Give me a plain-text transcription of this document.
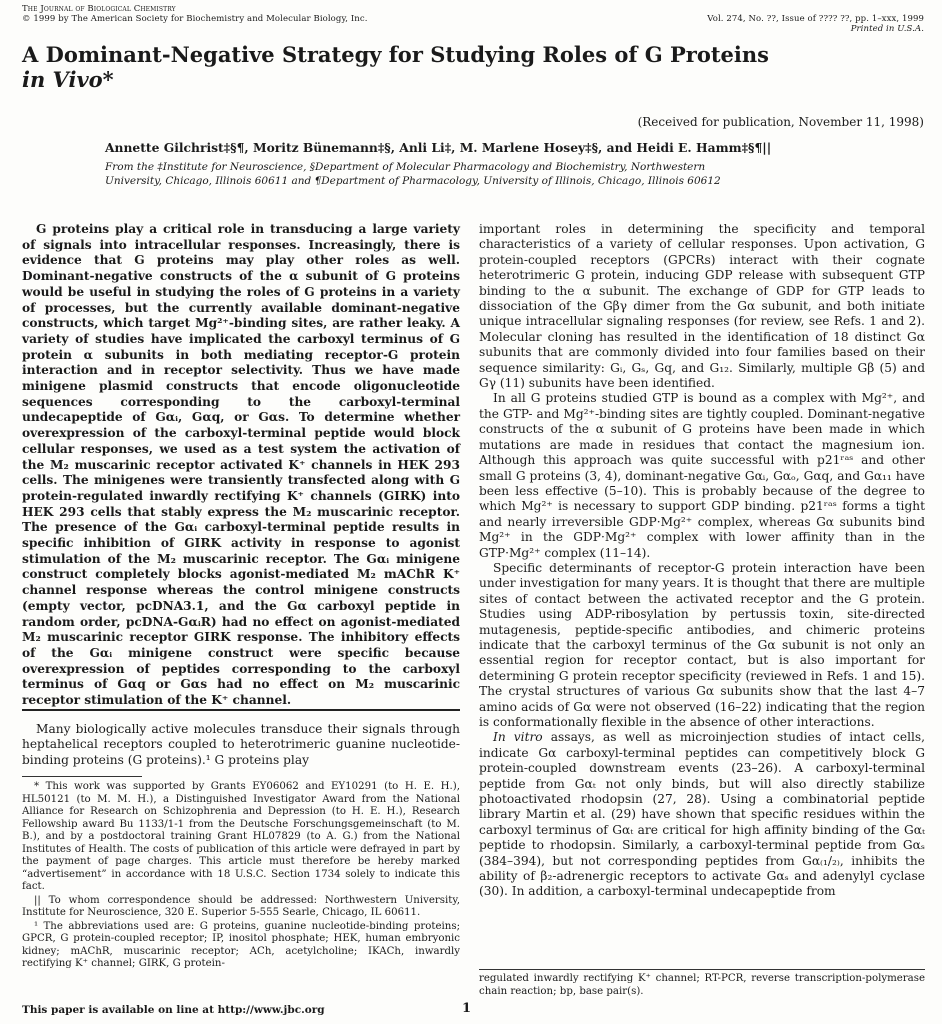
The Journal of Biological Chemistry
© 1999 by The American Society for Biochemistry and Molecular Biology, Inc.	Vol. 274, No. ??, Issue of ???? ??, pp. 1–xxx, 1999
Printed in U.S.A.
A Dominant-Negative Strategy for Studying Roles of G Proteins
in Vivo*
(Received for publication, November 11, 1998)
Annette Gilchrist‡§¶, Moritz Bünemann‡§, Anli Li‡, M. Marlene Hosey‡§, and Heidi E. Hamm‡§¶||
From the ‡Institute for Neuroscience, §Department of Molecular Pharmacology and Biochemistry, Northwestern
University, Chicago, Illinois 60611 and ¶Department of Pharmacology, University of Illinois, Chicago, Illinois 60612
G proteins play a critical role in transducing a large variety of signals into intracellular responses. Increasingly, there is evidence that G proteins may play other roles as well. Dominant-negative constructs of the α subunit of G proteins would be useful in studying the roles of G proteins in a variety of processes, but the currently available dominant-negative constructs, which target Mg²⁺-binding sites, are rather leaky. A variety of studies have implicated the carboxyl terminus of G protein α subunits in both mediating receptor-G protein interaction and in receptor selectivity. Thus we have made minigene plasmid constructs that encode oligonucleotide sequences corresponding to the carboxyl-terminal undecapeptide of Gαᵢ, Gαq, or Gαs. To determine whether overexpression of the carboxyl-terminal peptide would block cellular responses, we used as a test system the activation of the M₂ muscarinic receptor activated K⁺ channels in HEK 293 cells. The minigenes were transiently transfected along with G protein-regulated inwardly rectifying K⁺ channels (GIRK) into HEK 293 cells that stably express the M₂ muscarinic receptor. The presence of the Gαᵢ carboxyl-terminal peptide results in specific inhibition of GIRK activity in response to agonist stimulation of the M₂ muscarinic receptor. The Gαᵢ minigene construct completely blocks agonist-mediated M₂ mAChR K⁺ channel response whereas the control minigene constructs (empty vector, pcDNA3.1, and the Gα carboxyl peptide in random order, pcDNA-GαᵢR) had no effect on agonist-mediated M₂ muscarinic receptor GIRK response. The inhibitory effects of the Gαᵢ minigene construct were specific because overexpression of peptides corresponding to the carboxyl terminus of Gαq or Gαs had no effect on M₂ muscarinic receptor stimulation of the K⁺ channel.

Many biologically active molecules transduce their signals through heptahelical receptors coupled to heterotrimeric guanine nucleotide-binding proteins (G proteins).¹ G proteins play

* This work was supported by Grants EY06062 and EY10291 (to H. E. H.), HL50121 (to M. M. H.), a Distinguished Investigator Award from the National Alliance for Research on Schizophrenia and Depression (to H. E. H.), Research Fellowship award Bu 1133/1-1 from the Deutsche Forschungsgemeinschaft (to M. B.), and by a postdoctoral training Grant HL07829 (to A. G.) from the National Institutes of Health. The costs of publication of this article were defrayed in part by the payment of page charges. This article must therefore be hereby marked “advertisement” in accordance with 18 U.S.C. Section 1734 solely to indicate this fact.

|| To whom correspondence should be addressed: Northwestern University, Institute for Neuroscience, 320 E. Superior 5-555 Searle, Chicago, IL 60611.

¹ The abbreviations used are: G proteins, guanine nucleotide-binding proteins; GPCR, G protein-coupled receptor; IP, inositol phosphate; HEK, human embryonic kidney; mAChR, muscarinic receptor; ACh, acetylcholine; IKACh, inwardly rectifying K⁺ channel; GIRK, G protein-

important roles in determining the specificity and temporal characteristics of a variety of cellular responses. Upon activation, G protein-coupled receptors (GPCRs) interact with their cognate heterotrimeric G protein, inducing GDP release with subsequent GTP binding to the α subunit. The exchange of GDP for GTP leads to dissociation of the Gβγ dimer from the Gα subunit, and both initiate unique intracellular signaling responses (for review, see Refs. 1 and 2). Molecular cloning has resulted in the identification of 18 distinct Gα subunits that are commonly divided into four families based on their sequence similarity: Gᵢ, Gₛ, Gq, and G₁₂. Similarly, multiple Gβ (5) and Gγ (11) subunits have been identified.

In all G proteins studied GTP is bound as a complex with Mg²⁺, and the GTP- and Mg²⁺-binding sites are tightly coupled. Dominant-negative constructs of the α subunit of G proteins have been made in which mutations are made in residues that contact the magnesium ion. Although this approach was quite successful with p21ʳᵃˢ and other small G proteins (3, 4), dominant-negative Gαᵢ, Gαₒ, Gαq, and Gα₁₁ have been less effective (5–10). This is probably because of the degree to which Mg²⁺ is necessary to support GDP binding. p21ʳᵃˢ forms a tight and nearly irreversible GDP·Mg²⁺ complex, whereas Gα subunits bind Mg²⁺ in the GDP·Mg²⁺ complex with lower affinity than in the GTP·Mg²⁺ complex (11–14).

Specific determinants of receptor-G protein interaction have been under investigation for many years. It is thought that there are multiple sites of contact between the activated receptor and the G protein. Studies using ADP-ribosylation by pertussis toxin, site-directed mutagenesis, peptide-specific antibodies, and chimeric proteins indicate that the carboxyl terminus of the Gα subunit is not only an essential region for receptor contact, but is also important for determining G protein receptor specificity (reviewed in Refs. 1 and 15). The crystal structures of various Gα subunits show that the last 4–7 amino acids of Gα were not observed (16–22) indicating that the region is conformationally flexible in the absence of other interactions.

In vitro assays, as well as microinjection studies of intact cells, indicate Gα carboxyl-terminal peptides can competitively block G protein-coupled downstream events (23–26). A carboxyl-terminal peptide from Gαₜ not only binds, but will also directly stabilize photoactivated rhodopsin (27, 28). Using a combinatorial peptide library Martin et al. (29) have shown that specific residues within the carboxyl terminus of Gαₜ are critical for high affinity binding of the Gαₜ peptide to rhodopsin. Similarly, a carboxyl-terminal peptide from Gαₛ (384–394), but not corresponding peptides from Gα₍₁/₂₎, inhibits the ability of β₂-adrenergic receptors to activate Gαₛ and adenylyl cyclase (30). In addition, a carboxyl-terminal undecapeptide from

regulated inwardly rectifying K⁺ channel; RT-PCR, reverse transcription-polymerase chain reaction; bp, base pair(s).

This paper is available on line at http://www.jbc.org	1
